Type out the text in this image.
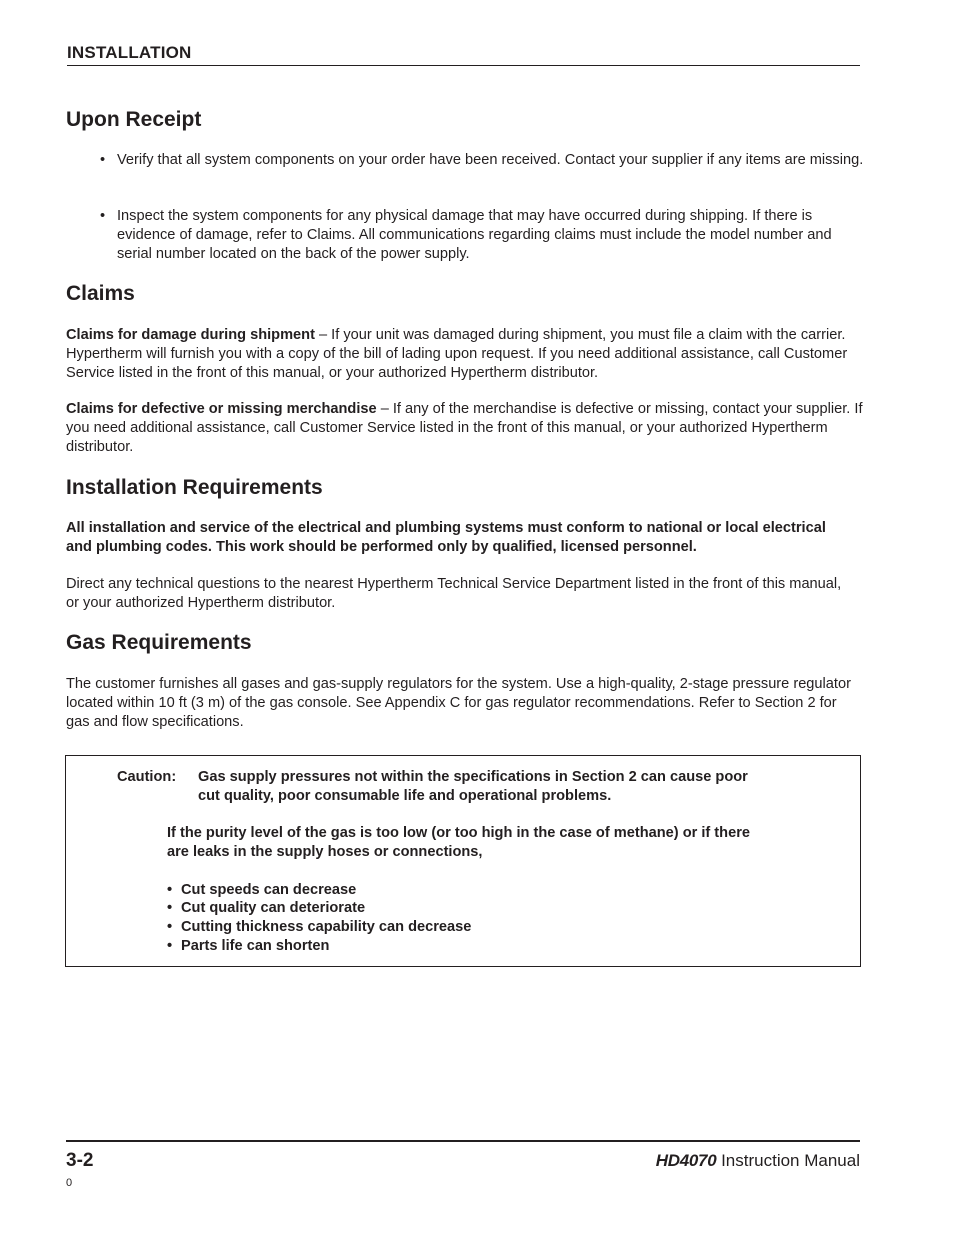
INSTALLATION
Upon Receipt
• Verify that all system components on your order have been received. Contact your supplier if any items are missing.
• Inspect the system components for any physical damage that may have occurred during shipping. If there is evidence of damage, refer to Claims. All communications regarding claims must include the model number and serial number located on the back of the power supply.
Claims

Claims for damage during shipment – If your unit was damaged during shipment, you must file a claim with the carrier. Hypertherm will furnish you with a copy of the bill of lading upon request. If you need additional assistance, call Customer Service listed in the front of this manual, or your authorized Hypertherm distributor.

Claims for defective or missing merchandise – If any of the merchandise is defective or missing, contact your supplier. If you need additional assistance, call Customer Service listed in the front of this manual, or your authorized Hypertherm distributor.

Installation Requirements

All installation and service of the electrical and plumbing systems must conform to national or local electrical and plumbing codes. This work should be performed only by qualified, licensed personnel.

Direct any technical questions to the nearest Hypertherm Technical Service Department listed in the front of this manual, or your authorized Hypertherm distributor.

Gas Requirements

The customer furnishes all gases and gas-supply regulators for the system. Use a high-quality, 2-stage pressure regulator located within 10 ft (3 m) of the gas console. See Appendix C for gas regulator recommendations. Refer to Section 2 for gas and flow specifications.

Caution: Gas supply pressures not within the specifications in Section 2 can cause poor
cut quality, poor consumable life and operational problems.
If the purity level of the gas is too low (or too high in the case of methane) or if there
are leaks in the supply hoses or connections,
• Cut speeds can decrease
• Cut quality can deteriorate
• Cutting thickness capability can decrease
• Parts life can shorten
3-2	HD4070 Instruction Manual
0
